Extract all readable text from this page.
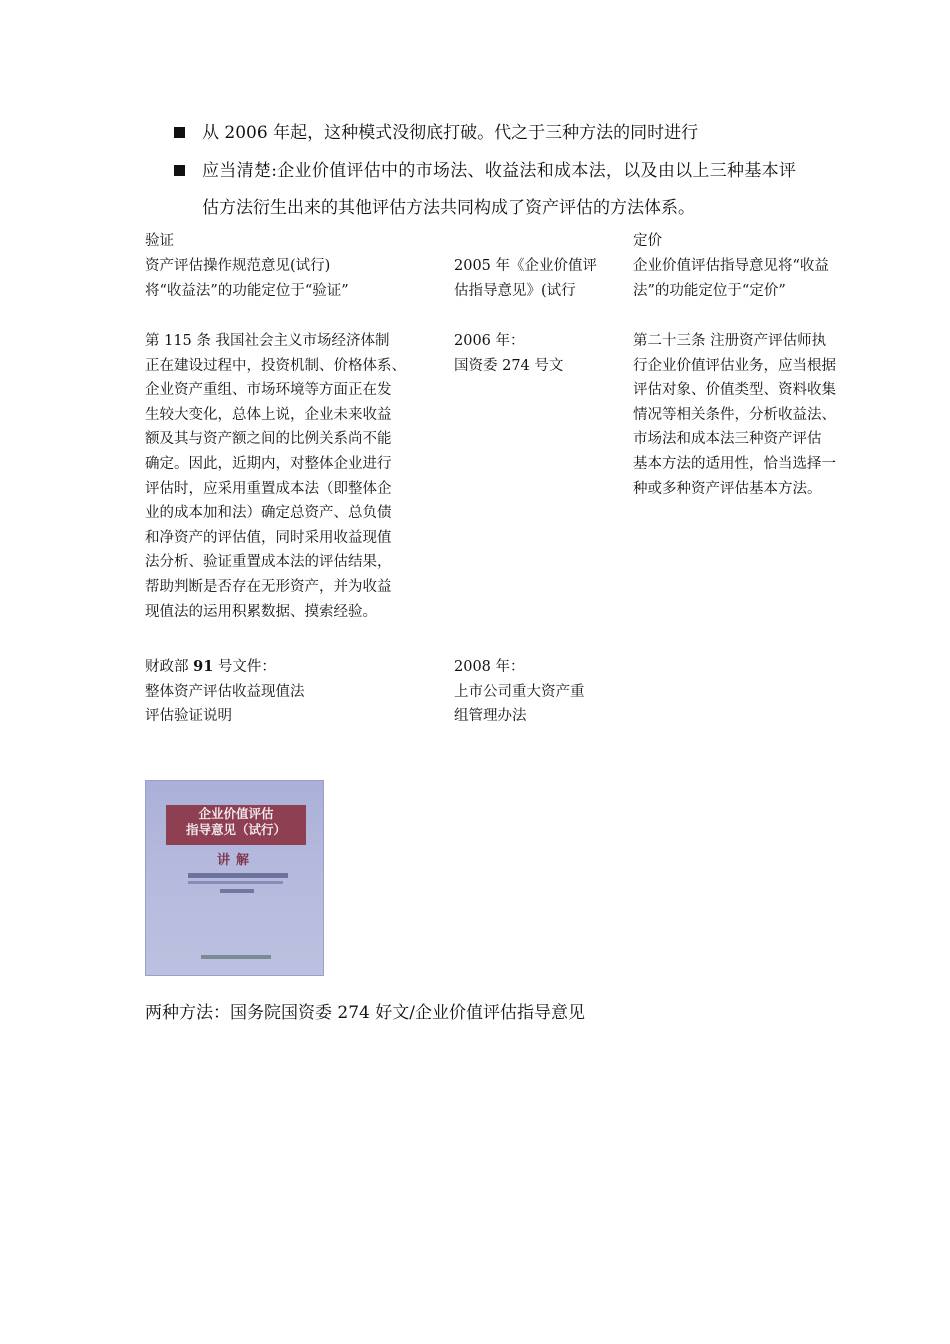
从 2006 年起，这种模式没彻底打破。代之于三种方法的同时进行
应当清楚:企业价值评估中的市场法、收益法和成本法，以及由以上三种基本评
估方法衍生出来的其他评估方法共同构成了资产评估的方法体系。
验证
资产评估操作规范意见(试行)
将“收益法”的功能定位于“验证”
第 115 条 我国社会主义市场经济体制
正在建设过程中，投资机制、价格体系、
企业资产重组、市场环境等方面正在发
生较大变化，总体上说，企业未来收益
额及其与资产额之间的比例关系尚不能
确定。因此，近期内，对整体企业进行
评估时，应采用重置成本法（即整体企
业的成本加和法）确定总资产、总负债
和净资产的评估值，同时采用收益现值
法分析、验证重置成本法的评估结果，
帮助判断是否存在无形资产，并为收益
现值法的运用积累数据、摸索经验。
财政部 91 号文件：
整体资产评估收益现值法
评估验证说明
2005 年《企业价值评
估指导意见》(试行
2006 年：
国资委 274 号文
2008 年：
上市公司重大资产重
组管理办法
定价
企业价值评估指导意见将“收益
法”的功能定位于“定价”
第二十三条 注册资产评估师执
行企业价值评估业务，应当根据
评估对象、价值类型、资料收集
情况等相关条件，分析收益法、
市场法和成本法三种资产评估
基本方法的适用性，恰当选择一
种或多种资产评估基本方法。
企业价值评估
指导意见（试行）
讲解
两种方法：国务院国资委 274 好文/企业价值评估指导意见
